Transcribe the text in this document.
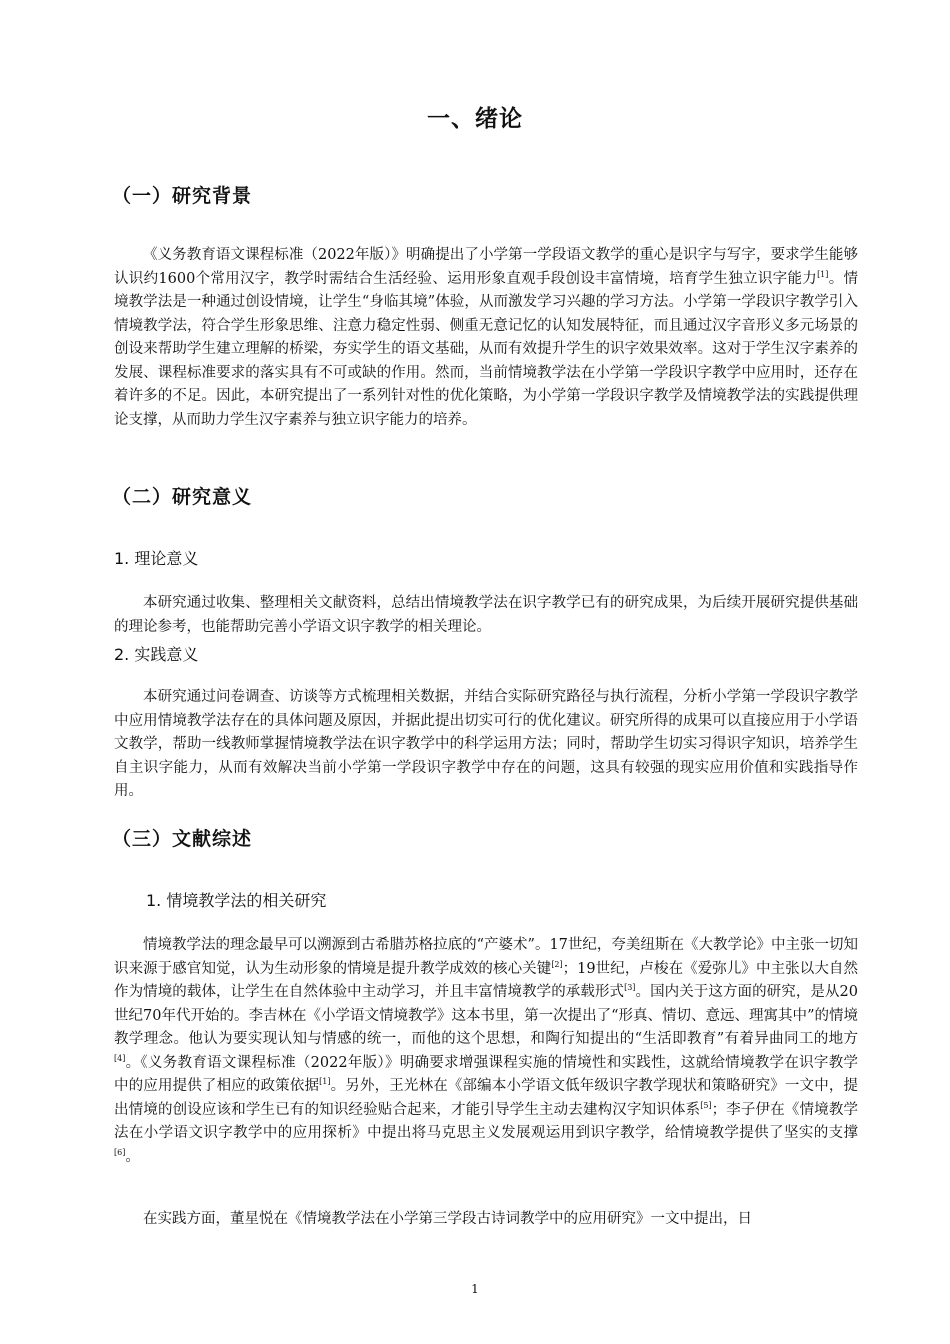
一、绪论
（一）研究背景

《义务教育语文课程标准（2022年版）》明确提出了小学第一学段语文教学的重心是识字与写字，要求学生能够认识约1600个常用汉字，教学时需结合生活经验、运用形象直观手段创设丰富情境，培育学生独立识字能力[1]。情境教学法是一种通过创设情境，让学生“身临其境”体验，从而激发学习兴趣的学习方法。小学第一学段识字教学引入情境教学法，符合学生形象思维、注意力稳定性弱、侧重无意记忆的认知发展特征，而且通过汉字音形义多元场景的创设来帮助学生建立理解的桥梁，夯实学生的语文基础，从而有效提升学生的识字效果效率。这对于学生汉字素养的发展、课程标准要求的落实具有不可或缺的作用。然而，当前情境教学法在小学第一学段识字教学中应用时，还存在着许多的不足。因此，本研究提出了一系列针对性的优化策略，为小学第一学段识字教学及情境教学法的实践提供理论支撑，从而助力学生汉字素养与独立识字能力的培养。

（二）研究意义
1. 理论意义

本研究通过收集、整理相关文献资料，总结出情境教学法在识字教学已有的研究成果，为后续开展研究提供基础的理论参考，也能帮助完善小学语文识字教学的相关理论。

2. 实践意义

本研究通过问卷调查、访谈等方式梳理相关数据，并结合实际研究路径与执行流程，分析小学第一学段识字教学中应用情境教学法存在的具体问题及原因，并据此提出切实可行的优化建议。研究所得的成果可以直接应用于小学语文教学，帮助一线教师掌握情境教学法在识字教学中的科学运用方法；同时，帮助学生切实习得识字知识，培养学生自主识字能力，从而有效解决当前小学第一学段识字教学中存在的问题，这具有较强的现实应用价值和实践指导作用。

（三）文献综述
1. 情境教学法的相关研究

情境教学法的理念最早可以溯源到古希腊苏格拉底的“产婆术”。17世纪，夸美纽斯在《大教学论》中主张一切知识来源于感官知觉，认为生动形象的情境是提升教学成效的核心关键[2]；19世纪，卢梭在《爱弥儿》中主张以大自然作为情境的载体，让学生在自然体验中主动学习，并且丰富情境教学的承载形式[3]。国内关于这方面的研究，是从20世纪70年代开始的。李吉林在《小学语文情境教学》这本书里，第一次提出了“形真、情切、意远、理寓其中”的情境教学理念。他认为要实现认知与情感的统一，而他的这个思想，和陶行知提出的“生活即教育”有着异曲同工的地方[4]。《义务教育语文课程标准（2022年版）》明确要求增强课程实施的情境性和实践性，这就给情境教学在识字教学中的应用提供了相应的政策依据[1]。另外，王光林在《部编本小学语文低年级识字教学现状和策略研究》一文中，提出情境的创设应该和学生已有的知识经验贴合起来，才能引导学生主动去建构汉字知识体系[5]；李子伊在《情境教学法在小学语文识字教学中的应用探析》中提出将马克思主义发展观运用到识字教学，给情境教学提供了坚实的支撑[6]。

在实践方面，董星悦在《情境教学法在小学第三学段古诗词教学中的应用研究》一文中提出，日

1
